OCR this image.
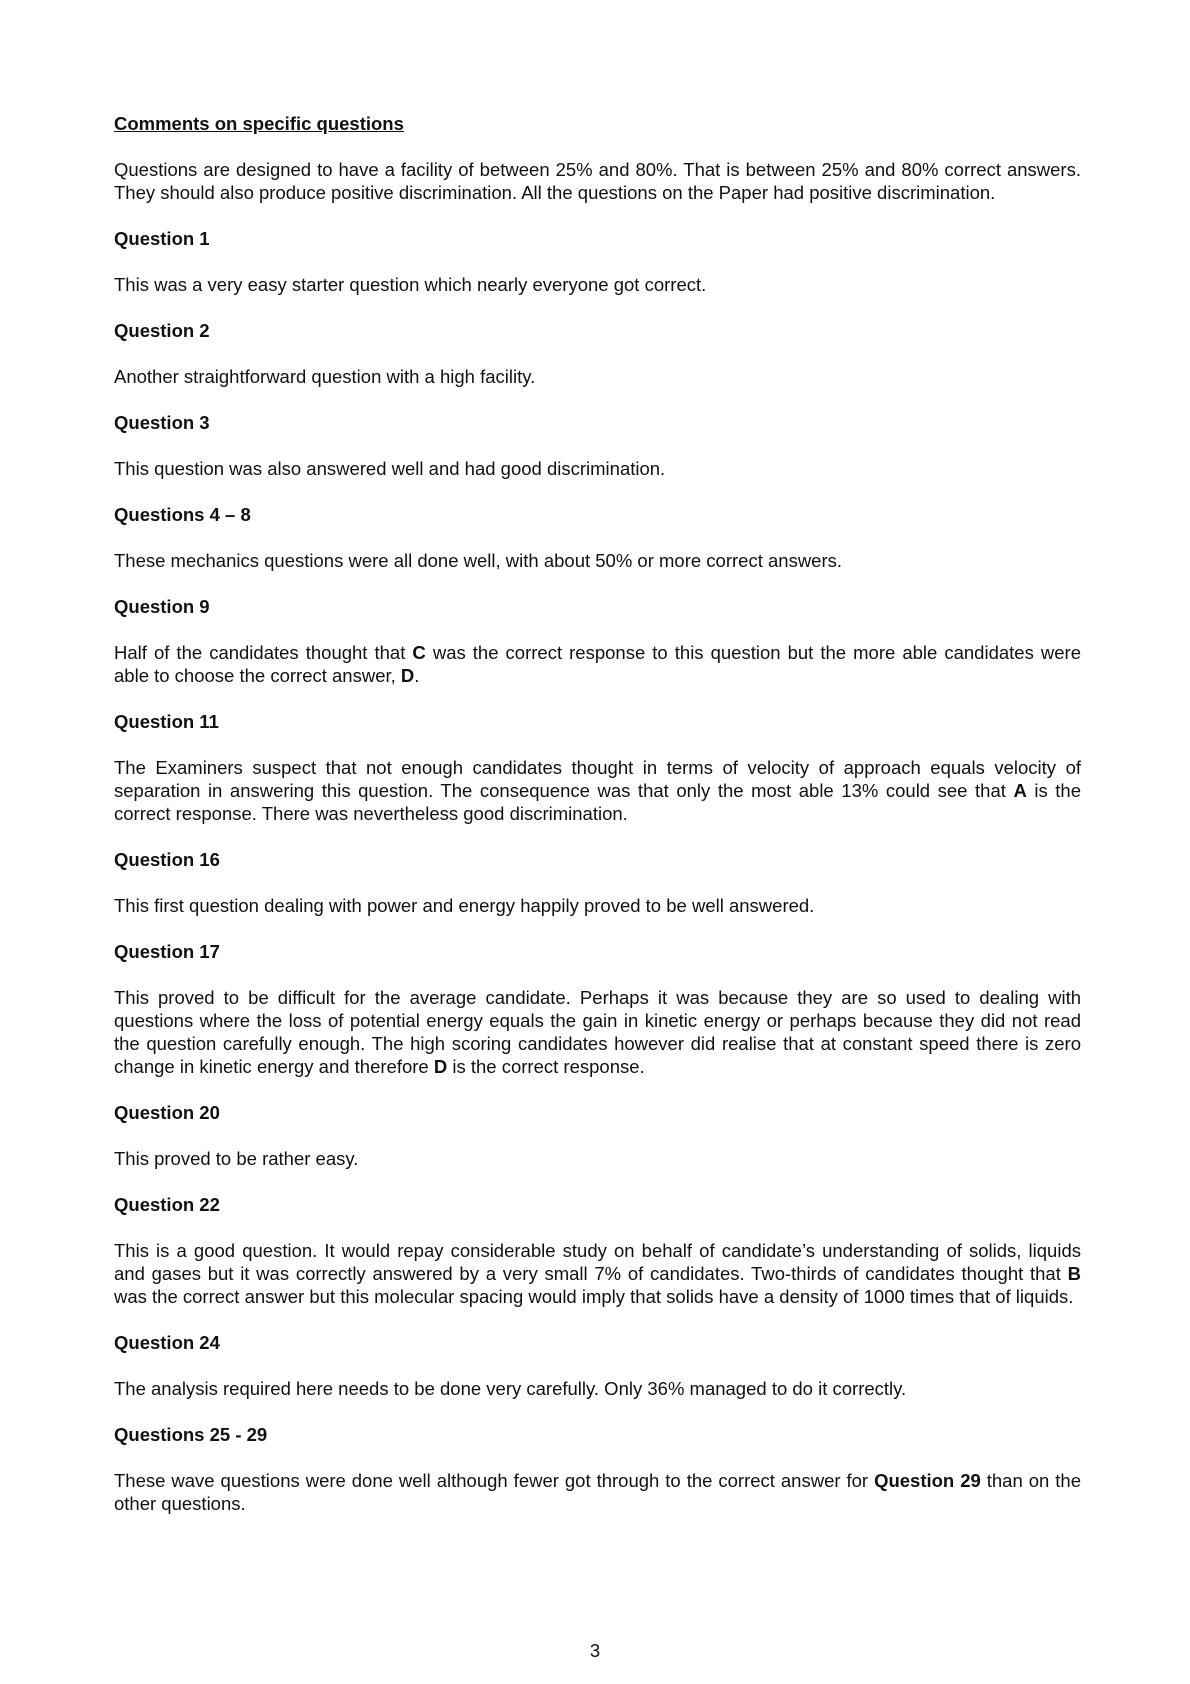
Comments on specific questions
Questions are designed to have a facility of between 25% and 80%. That is between 25% and 80% correct answers. They should also produce positive discrimination. All the questions on the Paper had positive discrimination.
Question 1
This was a very easy starter question which nearly everyone got correct.
Question 2
Another straightforward question with a high facility.
Question 3
This question was also answered well and had good discrimination.
Questions 4 – 8
These mechanics questions were all done well, with about 50% or more correct answers.
Question 9
Half of the candidates thought that C was the correct response to this question but the more able candidates were able to choose the correct answer, D.
Question 11
The Examiners suspect that not enough candidates thought in terms of velocity of approach equals velocity of separation in answering this question. The consequence was that only the most able 13% could see that A is the correct response. There was nevertheless good discrimination.
Question 16
This first question dealing with power and energy happily proved to be well answered.
Question 17
This proved to be difficult for the average candidate. Perhaps it was because they are so used to dealing with questions where the loss of potential energy equals the gain in kinetic energy or perhaps because they did not read the question carefully enough. The high scoring candidates however did realise that at constant speed there is zero change in kinetic energy and therefore D is the correct response.
Question 20
This proved to be rather easy.
Question 22
This is a good question. It would repay considerable study on behalf of candidate’s understanding of solids, liquids and gases but it was correctly answered by a very small 7% of candidates. Two-thirds of candidates thought that B was the correct answer but this molecular spacing would imply that solids have a density of 1000 times that of liquids.
Question 24
The analysis required here needs to be done very carefully. Only 36% managed to do it correctly.
Questions 25 - 29
These wave questions were done well although fewer got through to the correct answer for Question 29 than on the other questions.
3
